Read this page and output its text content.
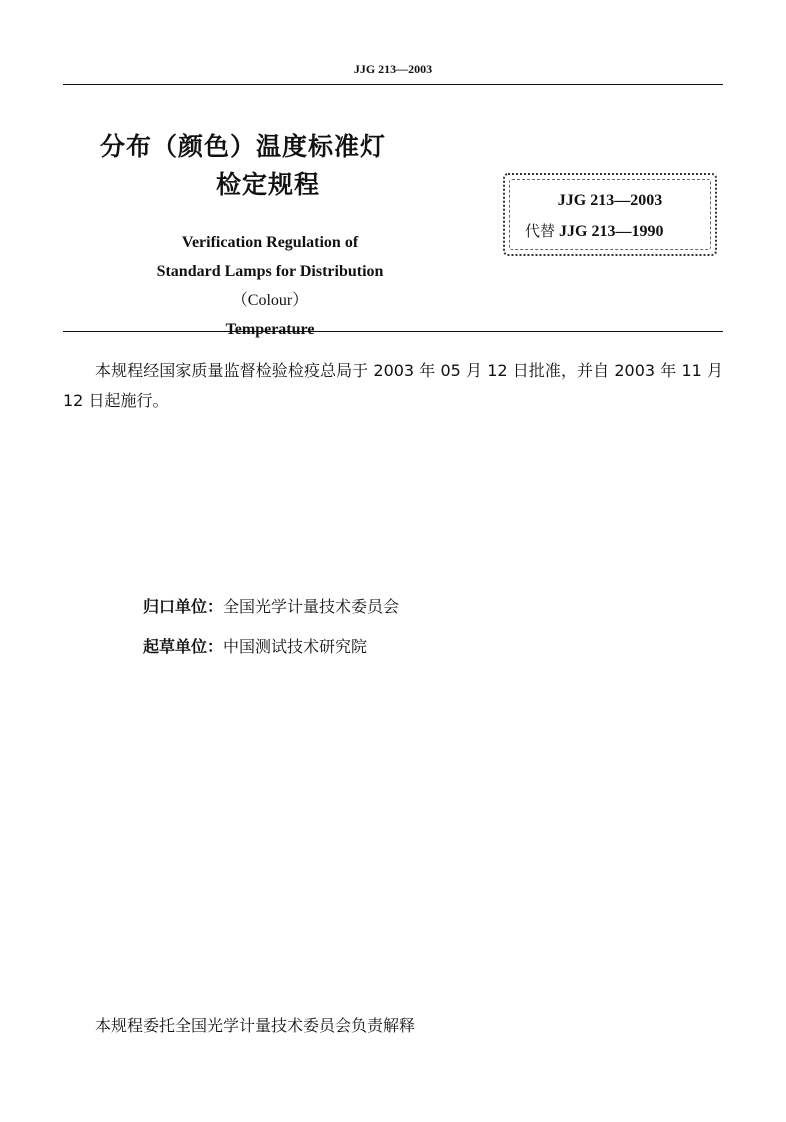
JJG 213—2003
分布（颜色）温度标准灯
检定规程
Verification Regulation of
Standard Lamps for Distribution
（Colour）
Temperature
JJG 213—2003
代替 JJG 213—1990
本规程经国家质量监督检验检疫总局于 2003 年 05 月 12 日批准，并自 2003 年 11 月 12 日起施行。
归口单位：全国光学计量技术委员会
起草单位：中国测试技术研究院
本规程委托全国光学计量技术委员会负责解释
